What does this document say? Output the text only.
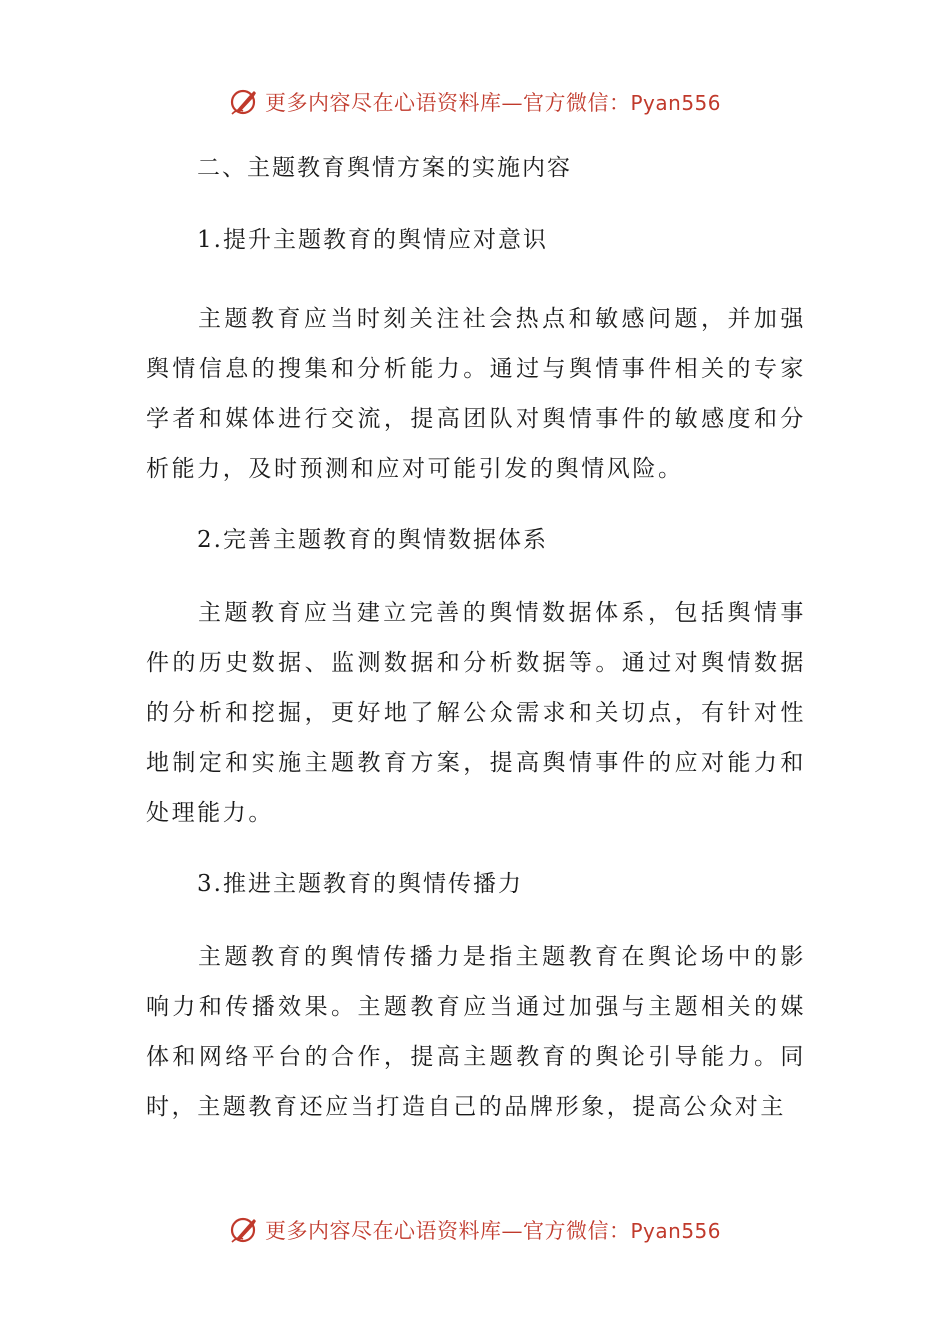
更多内容尽在心语资料库—官方微信：Pyan556
二、主题教育舆情方案的实施内容
1.提升主题教育的舆情应对意识

主题教育应当时刻关注社会热点和敏感问题，并加强舆情信息的搜集和分析能力。通过与舆情事件相关的专家学者和媒体进行交流，提高团队对舆情事件的敏感度和分析能力，及时预测和应对可能引发的舆情风险。

2.完善主题教育的舆情数据体系

主题教育应当建立完善的舆情数据体系，包括舆情事件的历史数据、监测数据和分析数据等。通过对舆情数据的分析和挖掘，更好地了解公众需求和关切点，有针对性地制定和实施主题教育方案，提高舆情事件的应对能力和处理能力。

3.推进主题教育的舆情传播力

主题教育的舆情传播力是指主题教育在舆论场中的影响力和传播效果。主题教育应当通过加强与主题相关的媒体和网络平台的合作，提高主题教育的舆论引导能力。同时，主题教育还应当打造自己的品牌形象，提高公众对主

更多内容尽在心语资料库—官方微信：Pyan556
